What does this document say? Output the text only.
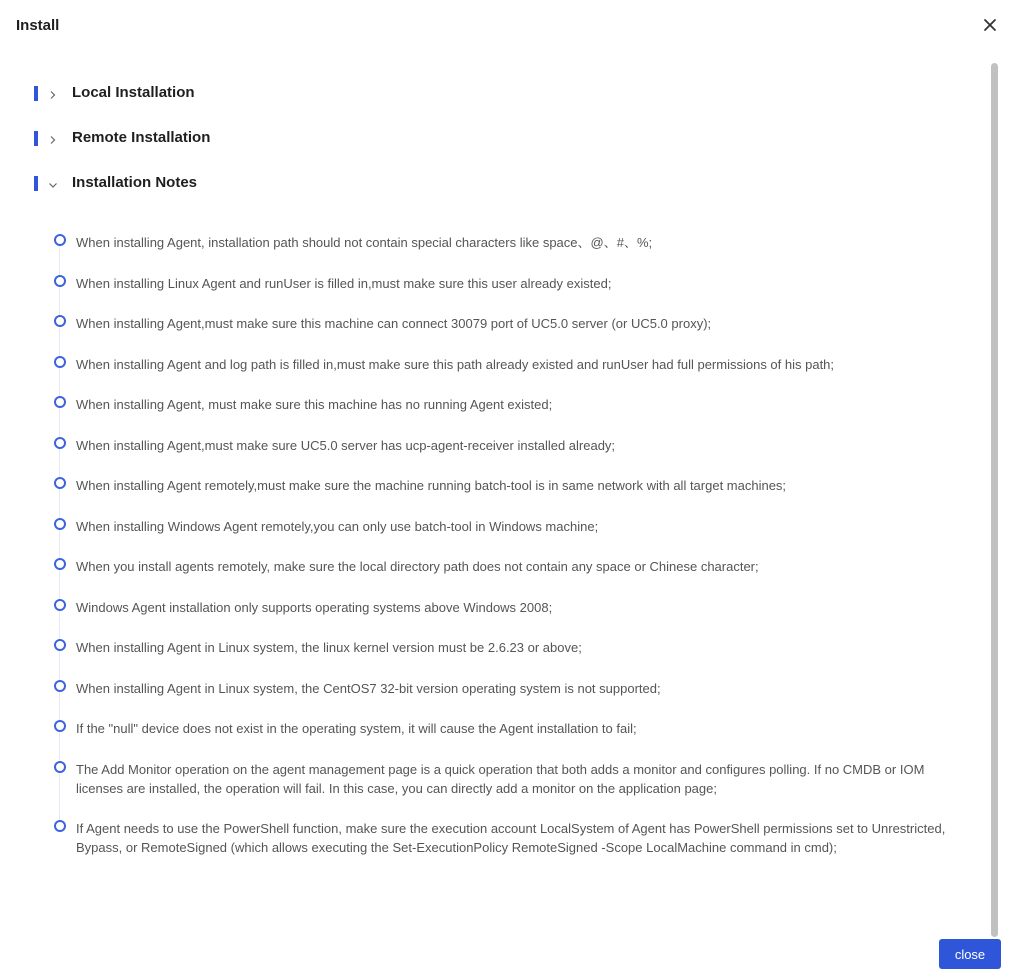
Install
Local Installation
Remote Installation
Installation Notes
When installing Agent, installation path should not contain special characters like space、@、#、%;
When installing Linux Agent and runUser is filled in,must make sure this user already existed;
When installing Agent,must make sure this machine can connect 30079 port of UC5.0 server (or UC5.0 proxy);
When installing Agent and log path is filled in,must make sure this path already existed and runUser had full permissions of his path;
When installing Agent, must make sure this machine has no running Agent existed;
When installing Agent,must make sure UC5.0 server has ucp-agent-receiver installed already;
When installing Agent remotely,must make sure the machine running batch-tool is in same network with all target machines;
When installing Windows Agent remotely,you can only use batch-tool in Windows machine;
When you install agents remotely, make sure the local directory path does not contain any space or Chinese character;
Windows Agent installation only supports operating systems above Windows 2008;
When installing Agent in Linux system, the linux kernel version must be 2.6.23 or above;
When installing Agent in Linux system, the CentOS7 32-bit version operating system is not supported;
If the "null" device does not exist in the operating system, it will cause the Agent installation to fail;
The Add Monitor operation on the agent management page is a quick operation that both adds a monitor and configures polling. If no CMDB or IOM licenses are installed, the operation will fail. In this case, you can directly add a monitor on the application page;
If Agent needs to use the PowerShell function, make sure the execution account LocalSystem of Agent has PowerShell permissions set to Unrestricted, Bypass, or RemoteSigned (which allows executing the Set-ExecutionPolicy RemoteSigned -Scope LocalMachine command in cmd);
close
